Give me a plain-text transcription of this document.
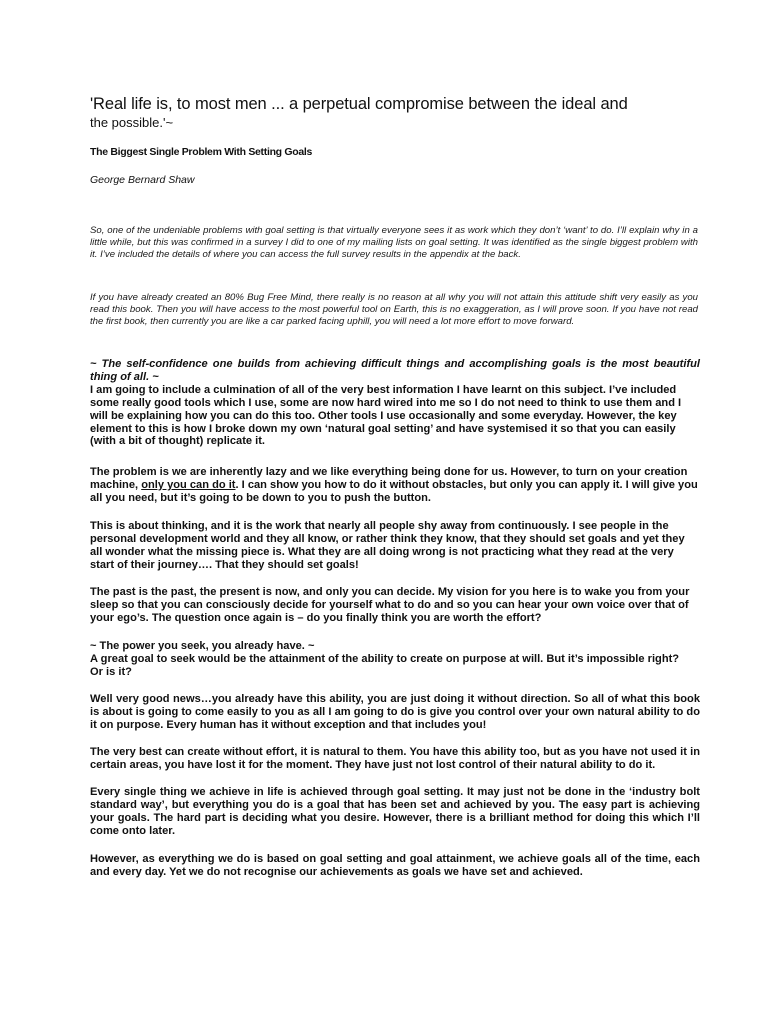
'Real life is, to most men ... a perpetual compromise between the ideal and
the possible.'~
The Biggest Single Problem With Setting Goals
George Bernard Shaw
So, one of the undeniable problems with goal setting is that virtually everyone sees it as work which they don’t ‘want’ to do. I’ll explain why in a little while, but this was confirmed in a survey I did to one of my mailing lists on goal setting. It was identified as the single biggest problem with it. I’ve included the details of where you can access the full survey results in the appendix at the back.
If you have already created an 80% Bug Free Mind, there really is no reason at all why you will not attain this attitude shift very easily as you read this book. Then you will have access to the most powerful tool on Earth, this is no exaggeration, as I will prove soon. If you have not read the first book, then currently you are like a car parked facing uphill, you will need a lot more effort to move forward.

~ The self-confidence one builds from achieving difficult things and accomplishing goals is the most beautiful thing of all. ~

I am going to include a culmination of all of the very best information I have learnt on this subject. I’ve included some really good tools which I use, some are now hard wired into me so I do not need to think to use them and I will be explaining how you can do this too. Other tools I use occasionally and some everyday. However, the key element to this is how I broke down my own ‘natural goal setting’ and have systemised it so that you can easily (with a bit of thought) replicate it.

The problem is we are inherently lazy and we like everything being done for us. However, to turn on your creation machine, only you can do it. I can show you how to do it without obstacles, but only you can apply it. I will give you all you need, but it’s going to be down to you to push the button.

This is about thinking, and it is the work that nearly all people shy away from continuously. I see people in the personal development world and they all know, or rather think they know, that they should set goals and yet they all wonder what the missing piece is. What they are all doing wrong is not practicing what they read at the very start of their journey…. That they should set goals!

The past is the past, the present is now, and only you can decide. My vision for you here is to wake you from your sleep so that you can consciously decide for yourself what to do and so you can hear your own voice over that of your ego’s. The question once again is – do you finally think you are worth the effort?

~ The power you seek, you already have. ~

A great goal to seek would be the attainment of the ability to create on purpose at will. But it’s impossible right? Or is it?

Well very good news…you already have this ability, you are just doing it without direction. So all of what this book is about is going to come easily to you as all I am going to do is give you control over your own natural ability to do it on purpose. Every human has it without exception and that includes you!

The very best can create without effort, it is natural to them. You have this ability too, but as you have not used it in certain areas, you have lost it for the moment. They have just not lost control of their natural ability to do it.

Every single thing we achieve in life is achieved through goal setting. It may just not be done in the ‘industry bolt standard way’, but everything you do is a goal that has been set and achieved by you. The easy part is achieving your goals. The hard part is deciding what you desire. However, there is a brilliant method for doing this which I’ll come onto later.

However, as everything we do is based on goal setting and goal attainment, we achieve goals all of the time, each and every day. Yet we do not recognise our achievements as goals we have set and achieved.
